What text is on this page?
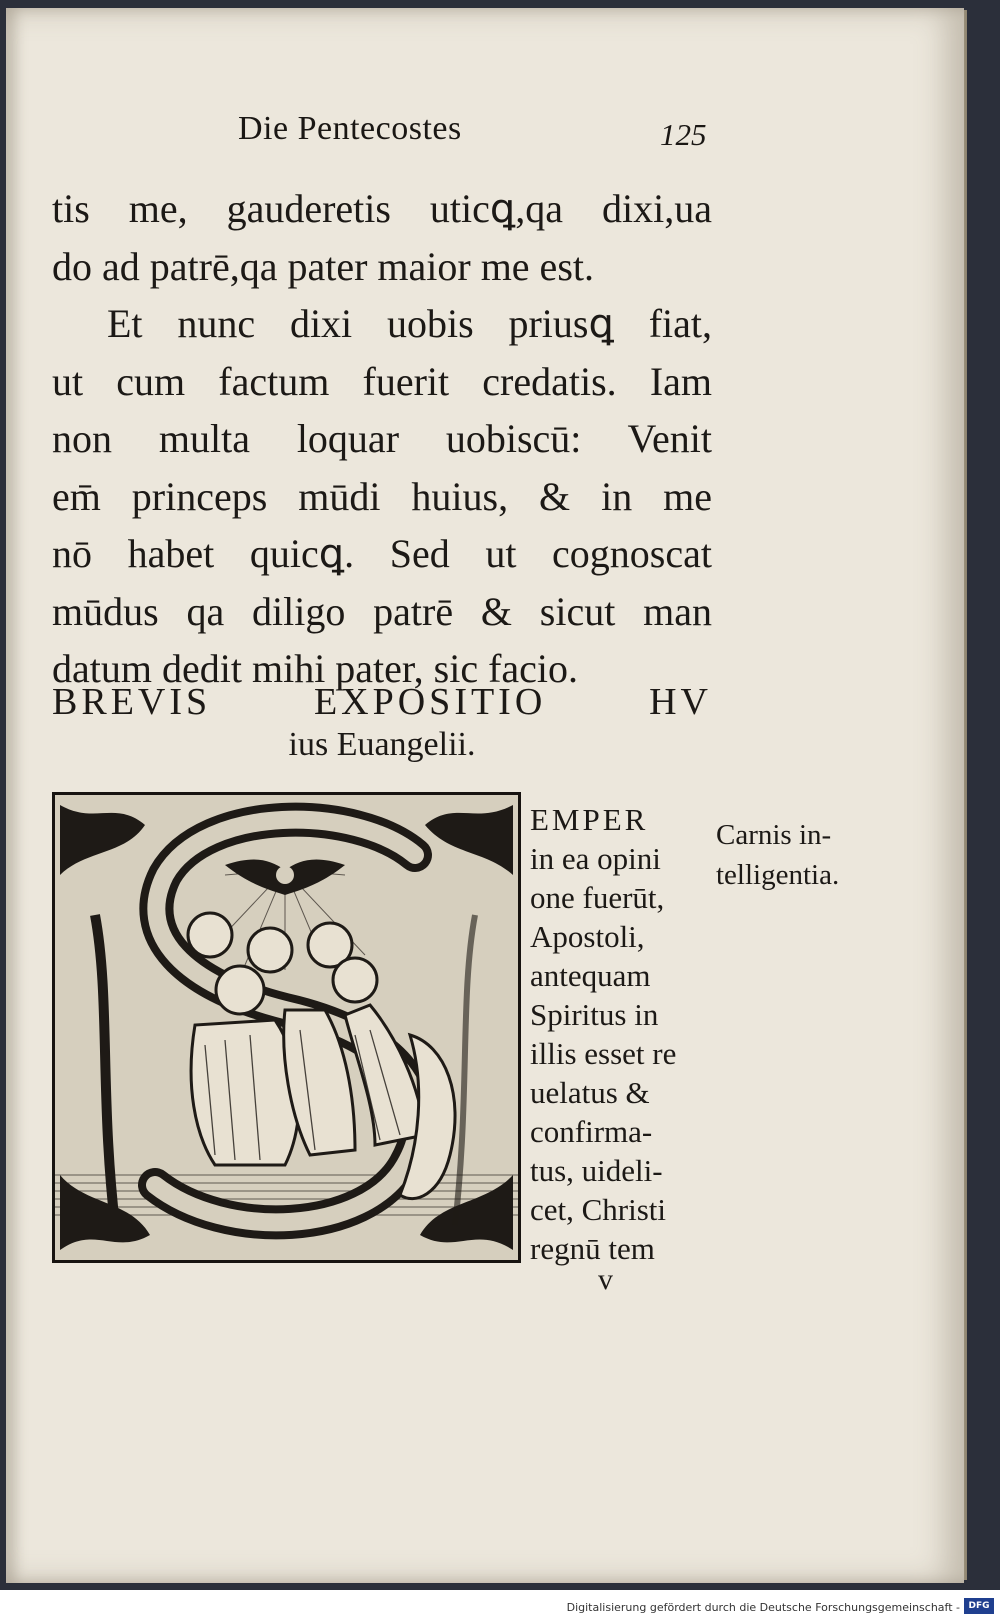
Die Pentecostes	125
tis me, gauderetis uticꝗ,qa dixi,ua
do ad patrē,qa pater maior me est.
Et nunc dixi uobis priusꝗ fiat,
ut cum factum fuerit credatis. Iam
non multa loquar uobiscū: Venit
em̄ princeps mūdi huius, & in me
nō habet quicꝗ. Sed ut cognoscat
mūdus qa diligo patrē & sicut man
datum dedit mihi pater, sic facio.
BREVIS EXPOSITIO HV
ius Euangelii.
EMPER
in ea opini
one fuerūt,
Apostoli,
antequam
Spiritus in
illis esset re
uelatus &
confirma-
tus, uideli-
cet, Christi
regnū tem
v
Carnis in-
telligentia.
Digitalisierung gefördert durch die Deutsche Forschungsgemeinschaft - DFG
